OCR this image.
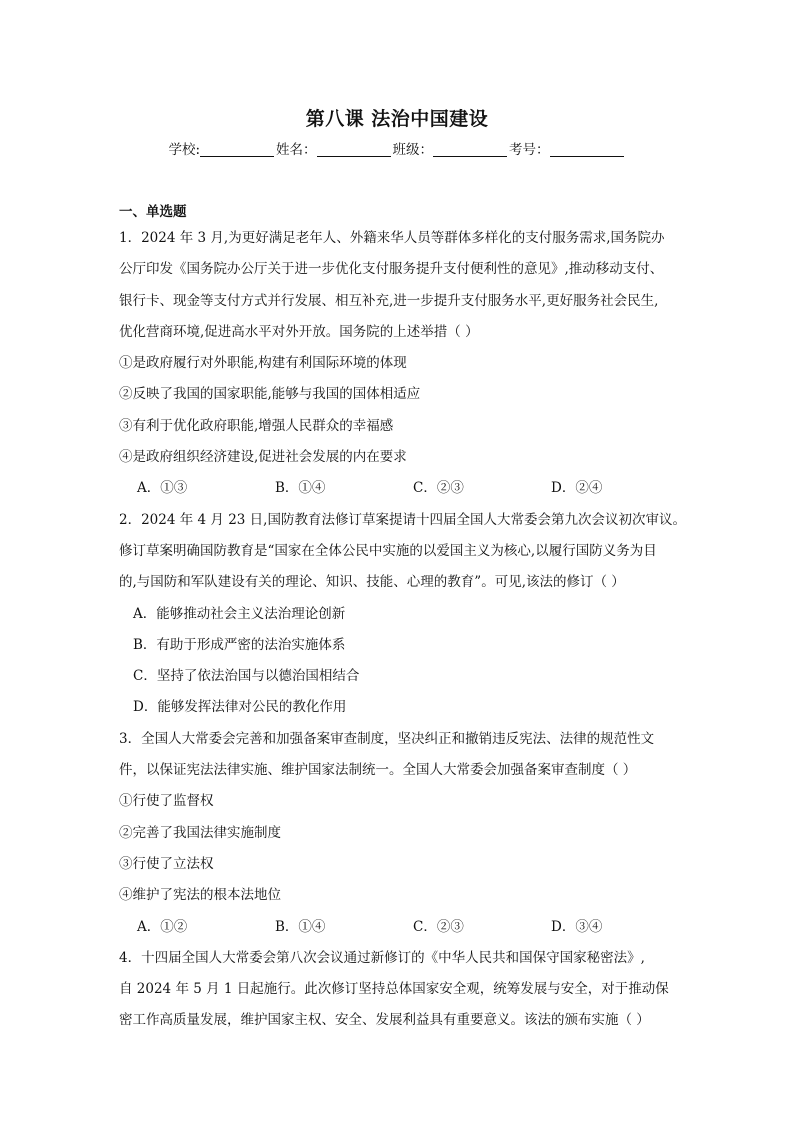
第八课 法治中国建设
学校:	姓名：	班级：	考号：
一、单选题
1．2024 年 3 月,为更好满足老年人、外籍来华人员等群体多样化的支付服务需求,国务院办
公厅印发《国务院办公厅关于进一步优化支付服务提升支付便利性的意见》,推动移动支付、
银行卡、现金等支付方式并行发展、相互补充,进一步提升支付服务水平,更好服务社会民生,
优化营商环境,促进高水平对外开放。国务院的上述举措（ ）
①是政府履行对外职能,构建有利国际环境的体现
②反映了我国的国家职能,能够与我国的国体相适应
③有利于优化政府职能,增强人民群众的幸福感
④是政府组织经济建设,促进社会发展的内在要求
A．①③	B．①④	C．②③	D．②④
2．2024 年 4 月 23 日,国防教育法修订草案提请十四届全国人大常委会第九次会议初次审议。
修订草案明确国防教育是“国家在全体公民中实施的以爱国主义为核心,以履行国防义务为目
的,与国防和军队建设有关的理论、知识、技能、心理的教育”。可见,该法的修订（ ）
A．能够推动社会主义法治理论创新
B．有助于形成严密的法治实施体系
C．坚持了依法治国与以德治国相结合
D．能够发挥法律对公民的教化作用
3．全国人大常委会完善和加强备案审查制度，坚决纠正和撤销违反宪法、法律的规范性文
件，以保证宪法法律实施、维护国家法制统一。全国人大常委会加强备案审查制度（ ）
①行使了监督权
②完善了我国法律实施制度
③行使了立法权
④维护了宪法的根本法地位
A．①②	B．①④	C．②③	D．③④
4．十四届全国人大常委会第八次会议通过新修订的《中华人民共和国保守国家秘密法》,
自 2024 年 5 月 1 日起施行。此次修订坚持总体国家安全观，统筹发展与安全，对于推动保
密工作高质量发展，维护国家主权、安全、发展利益具有重要意义。该法的颁布实施（ ）
